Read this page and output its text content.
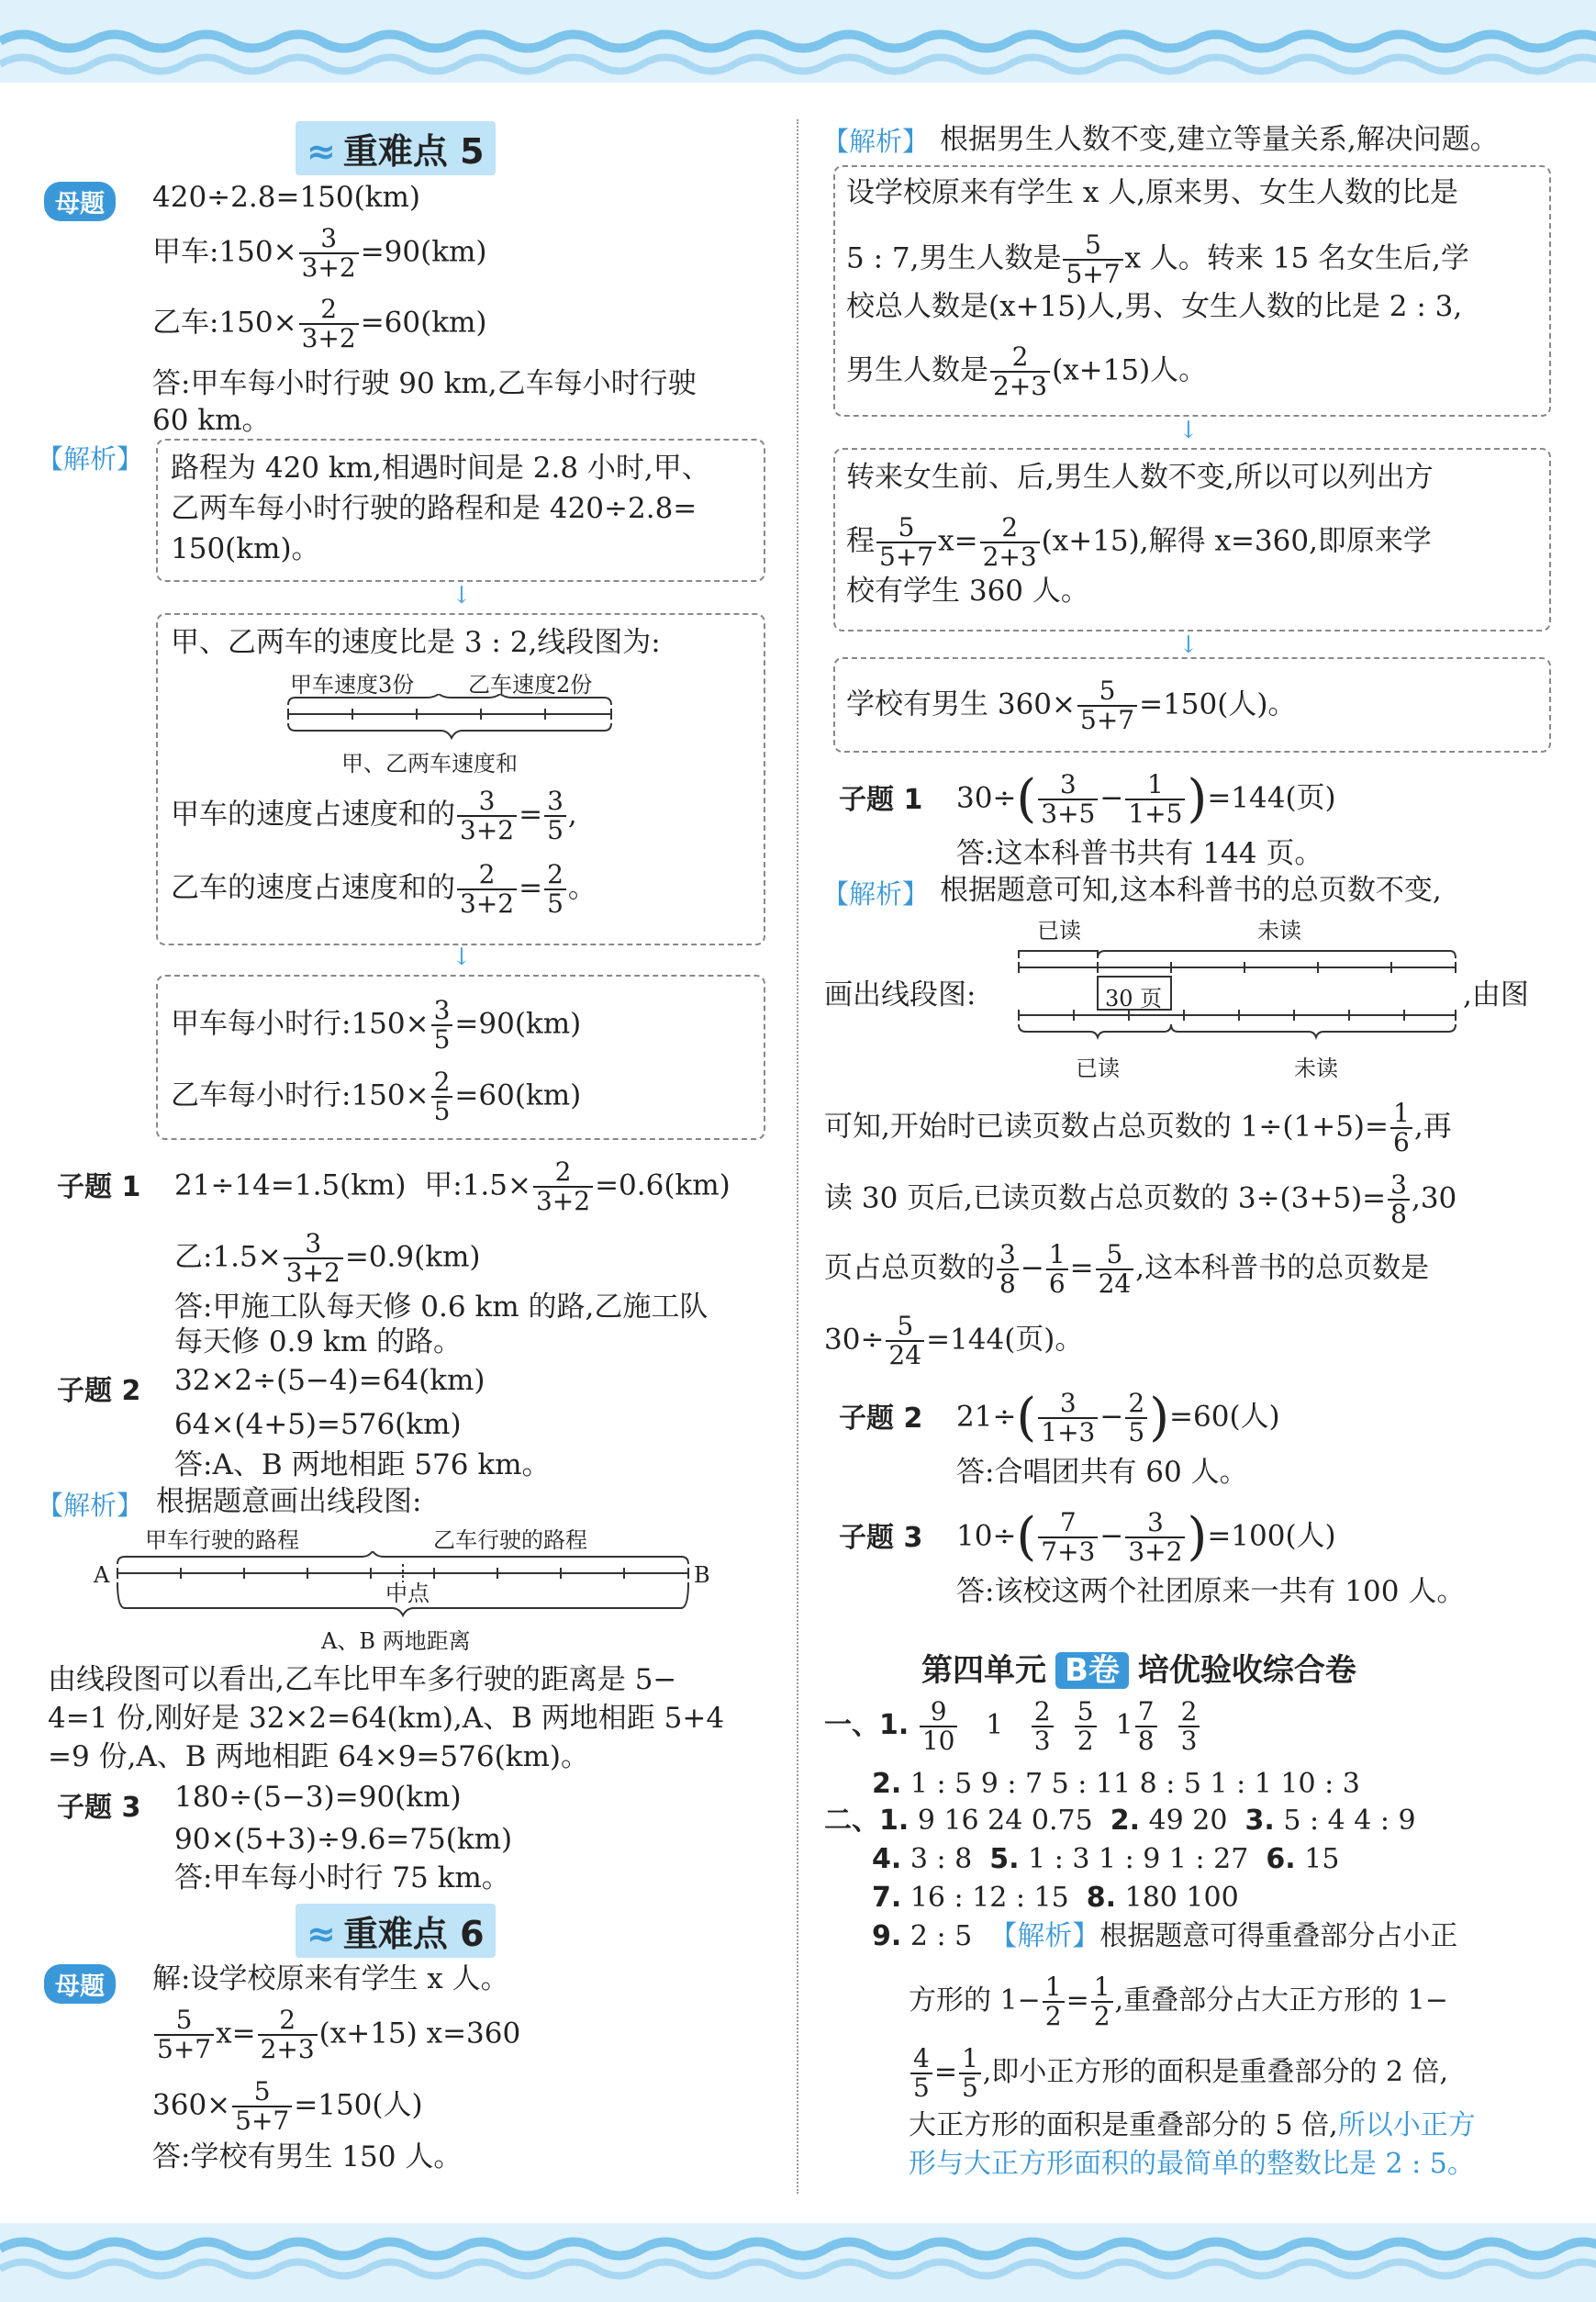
≈ 重难点 5
母题	420÷2.8=150(km)
甲车:150× $\frac{3}{3+2} =90(km)$
乙车:150× $\frac{2}{3+2} =60(km)$
答:甲车每小时行驶 90 km,乙车每小时行驶
60 km。
【解析】 路程为 420 km,相遇时间是 2.8 小时,甲、
乙两车每小时行驶的路程和是 420÷2.8=
150(km)。
↓
甲、乙两车的速度比是 3 : 2,线段图为:
甲车速度3份 乙车速度2份
甲、乙两车速度和
甲车的速度占速度和的 $\frac{3}{3+2} = \frac{3}{5}$ ,
乙车的速度占速度和的 $\frac{2}{3+2} = \frac{2}{5}$ 。
↓
甲车每小时行:150× $\frac{3}{5} =90(km)$
乙车每小时行:150× $\frac{2}{5} =60(km)$
子题 1 21÷14=1.5(km) 甲:1.5× $\frac{2}{3+2} =0.6(km)$
乙:1.5× $\frac{3}{3+2} =0.9(km)$
答:甲施工队每天修 0.6 km 的路,乙施工队
每天修 0.9 km 的路。
子题 2 32×2÷(5−4)=64(km)
64×(4+5)=576(km)
答:A、B 两地相距 576 km。
【解析】 根据题意画出线段图:
甲车行驶的路程	乙车行驶的路程
A	B
中点
A、B 两地距离
由线段图可以看出,乙车比甲车多行驶的距离是 5−
4=1 份,刚好是 32×2=64(km),A、B 两地相距 5+4
=9 份,A、B 两地相距 64×9=576(km)。
子题 3 180÷(5−3)=90(km)
90×(5+3)÷9.6=75(km)
答:甲车每小时行 75 km。
≈ 重难点 6
母题	解:设学校原来有学生 x 人。
$\frac{5}{5+7} x= \frac{2}{2+3} (x+15)$ x=360
$360\times \frac{5}{5+7} =150$(人)
答:学校有男生 150 人。
【解析】 根据男生人数不变,建立等量关系,解决问题。
设学校原来有学生 x 人,原来男、女生人数的比是
5 : 7,男生人数是 $\frac{5}{5+7}$ x 人。转来 15 名女生后,学
校总人数是(x+15)人,男、女生人数的比是 2 : 3,
男生人数是 $\frac{2}{2+3} (x+15)$人。
↓
转来女生前、后,男生人数不变,所以可以列出方
程 $\frac{5}{5+7} x= \frac{2}{2+3} (x+15)$,解得 x=360,即原来学
校有学生 360 人。
↓
学校有男生 $360\times \frac{5}{5+7} =150$(人)。
子题 1 $30\div( \frac{3}{3+5} - \frac{1}{1+5} )=144$(页)
答:这本科普书共有 144 页。
【解析】 根据题意可知,这本科普书的总页数不变,
已读	未读
画出线段图:	30 页	,由图
已读	未读
可知,开始时已读页数占总页数的 $1\div(1+5)= \frac{1}{6}$ ,再
读 30 页后,已读页数占总页数的 $3\div(3+5)= \frac{3}{8} ,30$
页占总页数的 $\frac{3}{8} - \frac{1}{6} = \frac{5}{24}$ ,这本科普书的总页数是
$30\div \frac{5}{24} =144$(页)。
子题 2 $21\div( \frac{3}{1+3} - \frac{2}{5} )=60$(人)
答:合唱团共有 60 人。
子题 3 $10\div( \frac{7}{7+3} - \frac{3}{3+2} )=100$(人)
答:该校这两个社团原来一共有 100 人。
第四单元 B卷 培优验收综合卷
一、1. $\frac{9}{10} 1 \frac{2}{3}$
$\frac{5}{2} 1 \frac{7}{8}$
$\frac{2}{3}$
2. 1 : 5 9 : 7 5 : 11 8 : 5 1 : 1 10 : 3
二、1. 9 16 24 0.75 2. 49 20 3. 5 : 4 4 : 9
4. 3 : 8 5. 1 : 3 1 : 9 1 : 27 6. 15
7. 16 : 12 : 15 8. 180 100
9. 2 : 5 【解析】根据题意可得重叠部分占小正
方形的 $1- \frac{1}{2} = \frac{1}{2}$ ,重叠部分占大正方形的 1−
$\frac{4}{5} = \frac{1}{5}$ ,即小正方形的面积是重叠部分的 2 倍,
大正方形的面积是重叠部分的 5 倍,所以小正方
形与大正方形面积的最简单的整数比是 2 : 5。
